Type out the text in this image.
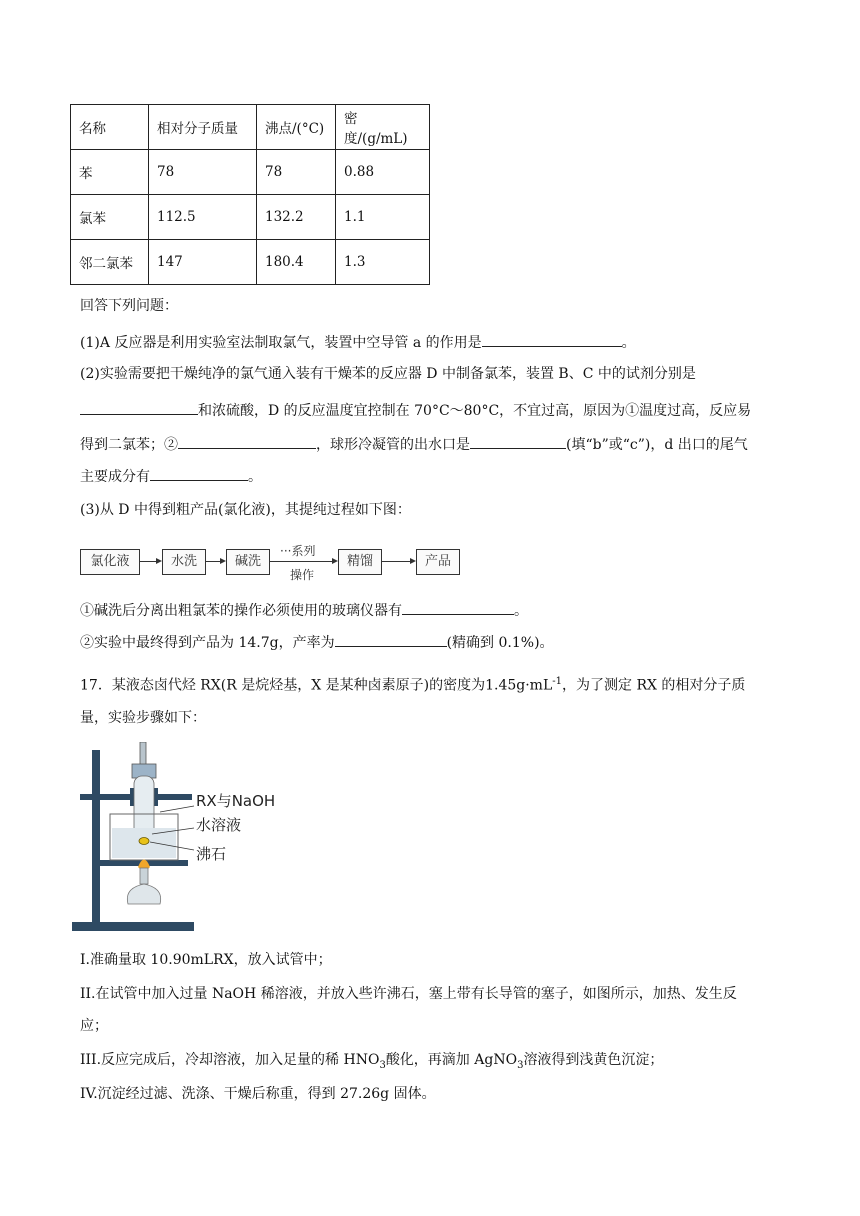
名称	相对分子质量	沸点/(°C)	密度/(g/mL)
苯	78	78	0.88
氯苯	112.5	132.2	1.1
邻二氯苯	147	180.4	1.3
回答下列问题：
(1)A 反应器是利用实验室法制取氯气，装置中空导管 a 的作用是	。
(2)实验需要把干燥纯净的氯气通入装有干燥苯的反应器 D 中制备氯苯，装置 B、C 中的试剂分别是
和浓硫酸，D 的反应温度宜控制在 70°C～80°C，不宜过高，原因为①温度过高，反应易
得到二氯苯；②	，球形冷凝管的出水口是	(填“b”或“c”)，d 出口的尾气
主要成分有	。
(3)从 D 中得到粗产品(氯化液)，其提纯过程如下图：
氯化液	水洗	碱洗
···系列
操作
精馏	产品
①碱洗后分离出粗氯苯的操作必须使用的玻璃仪器有	。
②实验中最终得到产品为 14.7g，产率为	(精确到 0.1%)。
17．某液态卤代烃 RX(R 是烷烃基，X 是某种卤素原子)的密度为$1.45g\cdot mL^{-1}$，为了测定 RX 的相对分子质
量，实验步骤如下：
RX与NaOH
水溶液
沸石
I.准确量取 10.90mLRX，放入试管中；
II.在试管中加入过量 NaOH 稀溶液，并放入些许沸石，塞上带有长导管的塞子，如图所示，加热、发生反
应；
III.反应完成后，冷却溶液，加入足量的稀 $HNO_3$酸化，再滴加 AgNO$_3$溶液得到浅黄色沉淀；
IV.沉淀经过滤、洗涤、干燥后称重，得到 27.26g 固体。
